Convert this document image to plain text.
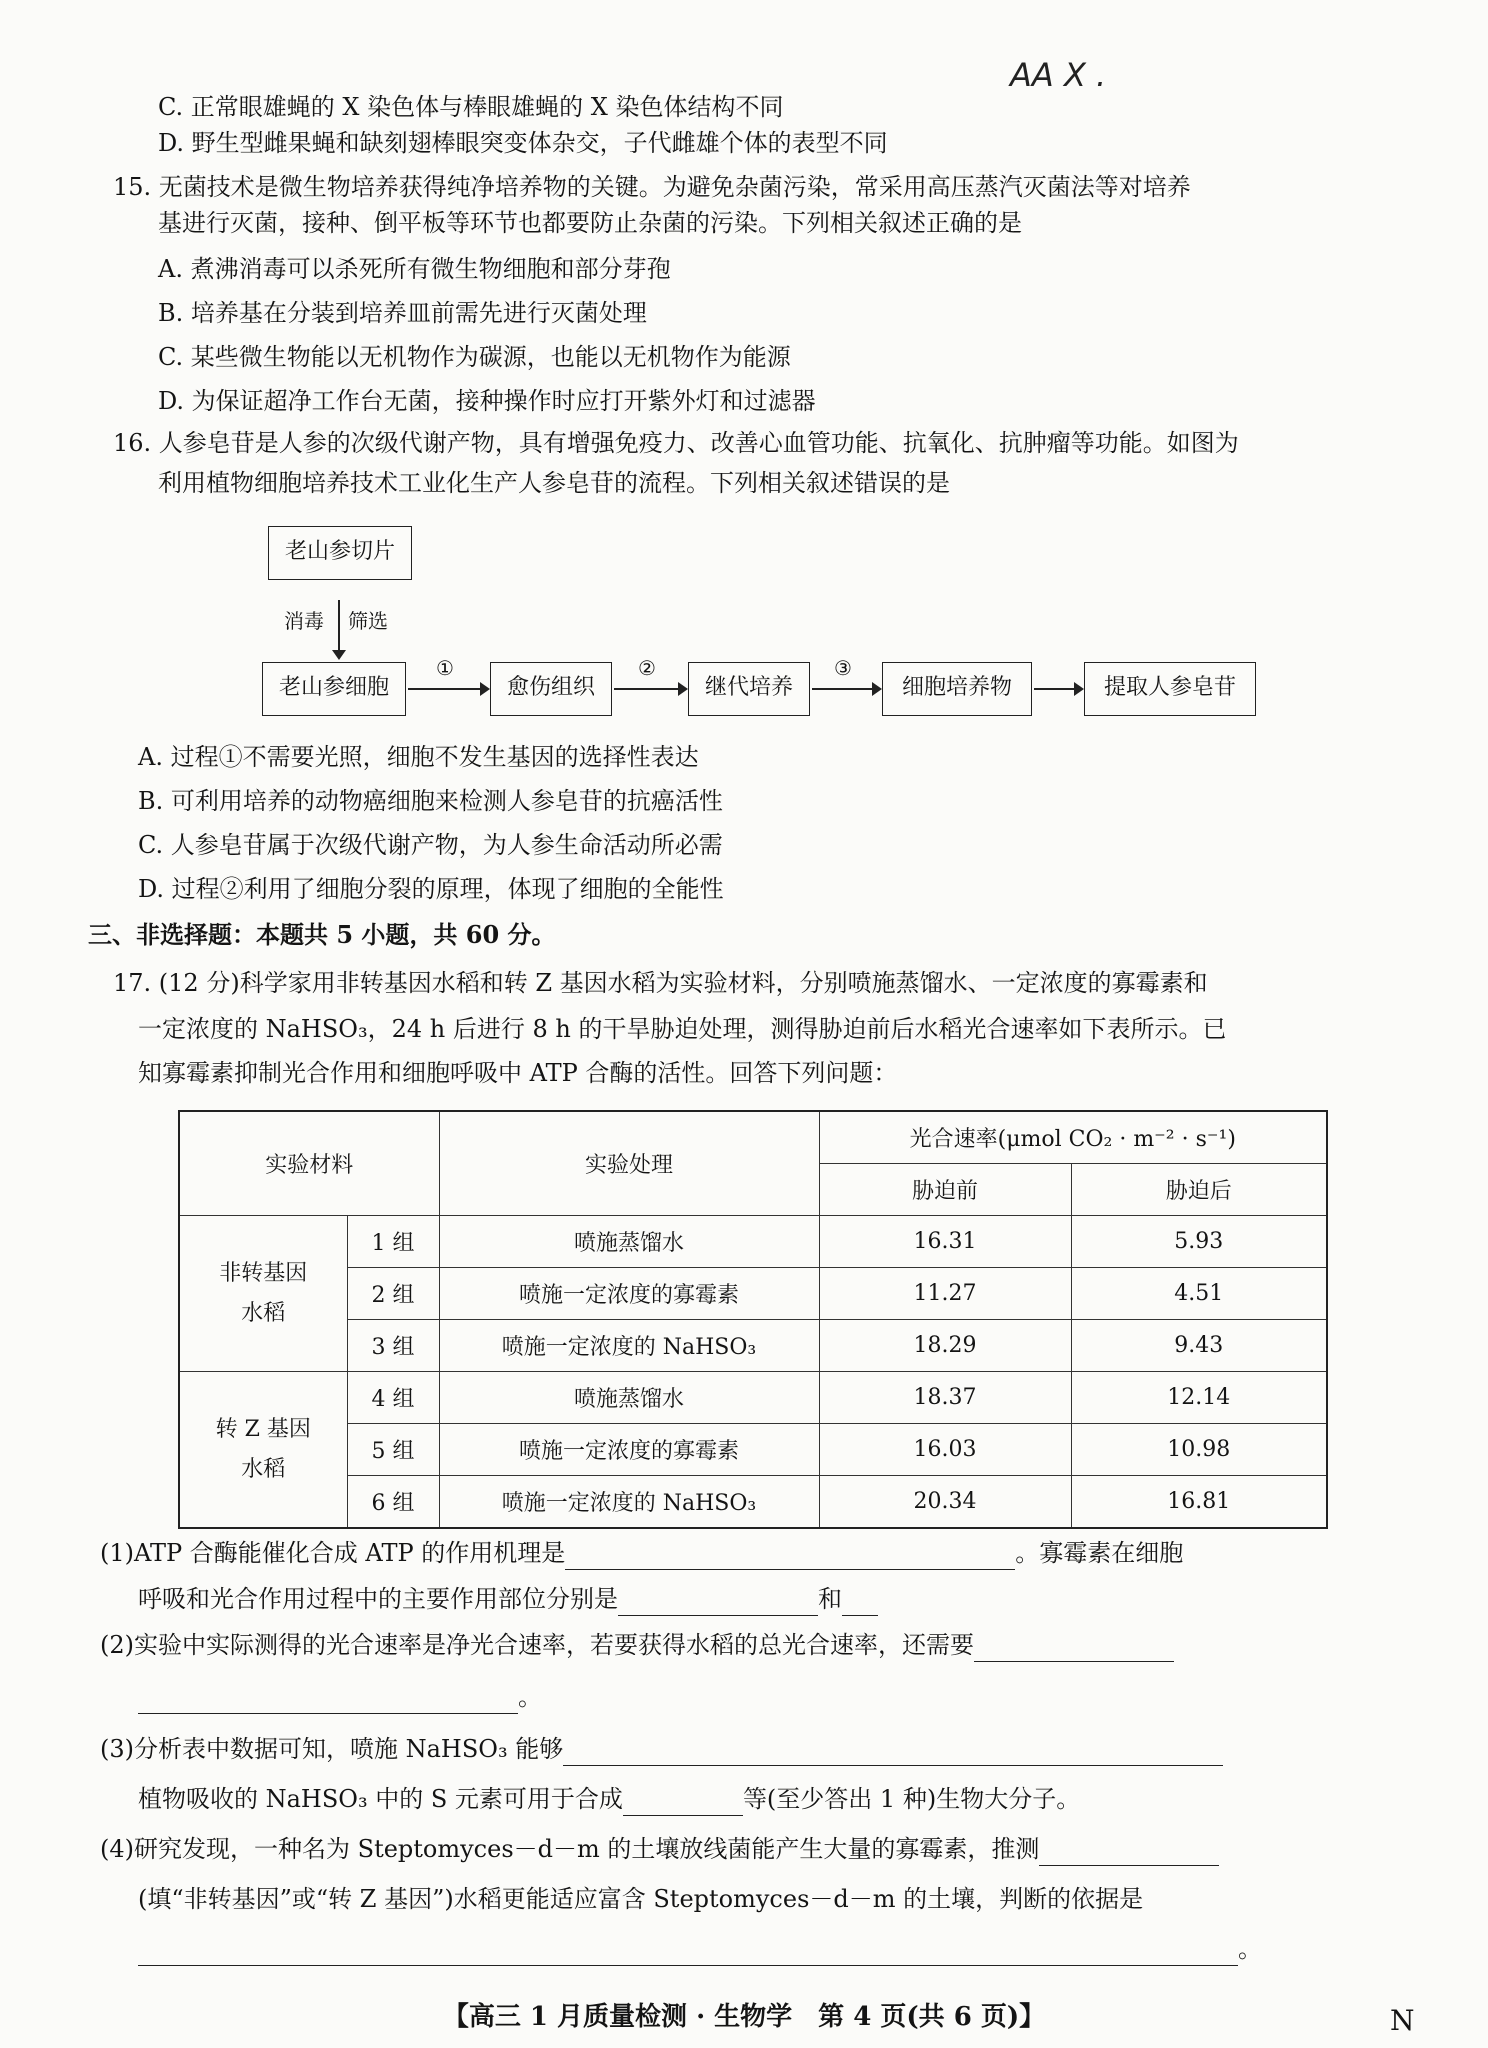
AA X .
C. 正常眼雄蝇的 X 染色体与棒眼雄蝇的 X 染色体结构不同
D. 野生型雌果蝇和缺刻翅棒眼突变体杂交，子代雌雄个体的表型不同
15. 无菌技术是微生物培养获得纯净培养物的关键。为避免杂菌污染，常采用高压蒸汽灭菌法等对培养
基进行灭菌，接种、倒平板等环节也都要防止杂菌的污染。下列相关叙述正确的是
A. 煮沸消毒可以杀死所有微生物细胞和部分芽孢
B. 培养基在分装到培养皿前需先进行灭菌处理
C. 某些微生物能以无机物作为碳源，也能以无机物作为能源
D. 为保证超净工作台无菌，接种操作时应打开紫外灯和过滤器
16. 人参皂苷是人参的次级代谢产物，具有增强免疫力、改善心血管功能、抗氧化、抗肿瘤等功能。如图为
利用植物细胞培养技术工业化生产人参皂苷的流程。下列相关叙述错误的是
老山参切片
消毒 筛选
老山参细胞
①
愈伤组织
②
继代培养
③
细胞培养物	提取人参皂苷
A. 过程①不需要光照，细胞不发生基因的选择性表达
B. 可利用培养的动物癌细胞来检测人参皂苷的抗癌活性
C. 人参皂苷属于次级代谢产物，为人参生命活动所必需
D. 过程②利用了细胞分裂的原理，体现了细胞的全能性
三、非选择题：本题共 5 小题，共 60 分。
17. (12 分)科学家用非转基因水稻和转 Z 基因水稻为实验材料，分别喷施蒸馏水、一定浓度的寡霉素和
一定浓度的 NaHSO₃，24 h 后进行 8 h 的干旱胁迫处理，测得胁迫前后水稻光合速率如下表所示。已
知寡霉素抑制光合作用和细胞呼吸中 ATP 合酶的活性。回答下列问题：
实验材料		实验处理	光合速率(μmol CO₂ · m⁻² · s⁻¹)	
			胁迫前	胁迫后
非转基因
水稻	1 组	喷施蒸馏水	16.31	5.93
	2 组	喷施一定浓度的寡霉素	11.27	4.51
	3 组	喷施一定浓度的 NaHSO₃	18.29	9.43
转 Z 基因
水稻	4 组	喷施蒸馏水	18.37	12.14
	5 组	喷施一定浓度的寡霉素	16.03	10.98
	6 组	喷施一定浓度的 NaHSO₃	20.34	16.81
(1)ATP 合酶能催化合成 ATP 的作用机理是	。寡霉素在细胞
呼吸和光合作用过程中的主要作用部位分别是	和
(2)实验中实际测得的光合速率是净光合速率，若要获得水稻的总光合速率，还需要
。
(3)分析表中数据可知，喷施 NaHSO₃ 能够
植物吸收的 NaHSO₃ 中的 S 元素可用于合成	等(至少答出 1 种)生物大分子。
(4)研究发现，一种名为 Steptomyces－d－m 的土壤放线菌能产生大量的寡霉素，推测
(填“非转基因”或“转 Z 基因”)水稻更能适应富含 Steptomyces－d－m 的土壤，判断的依据是
。
【高三 1 月质量检测 · 生物学　第 4 页(共 6 页)】	N
